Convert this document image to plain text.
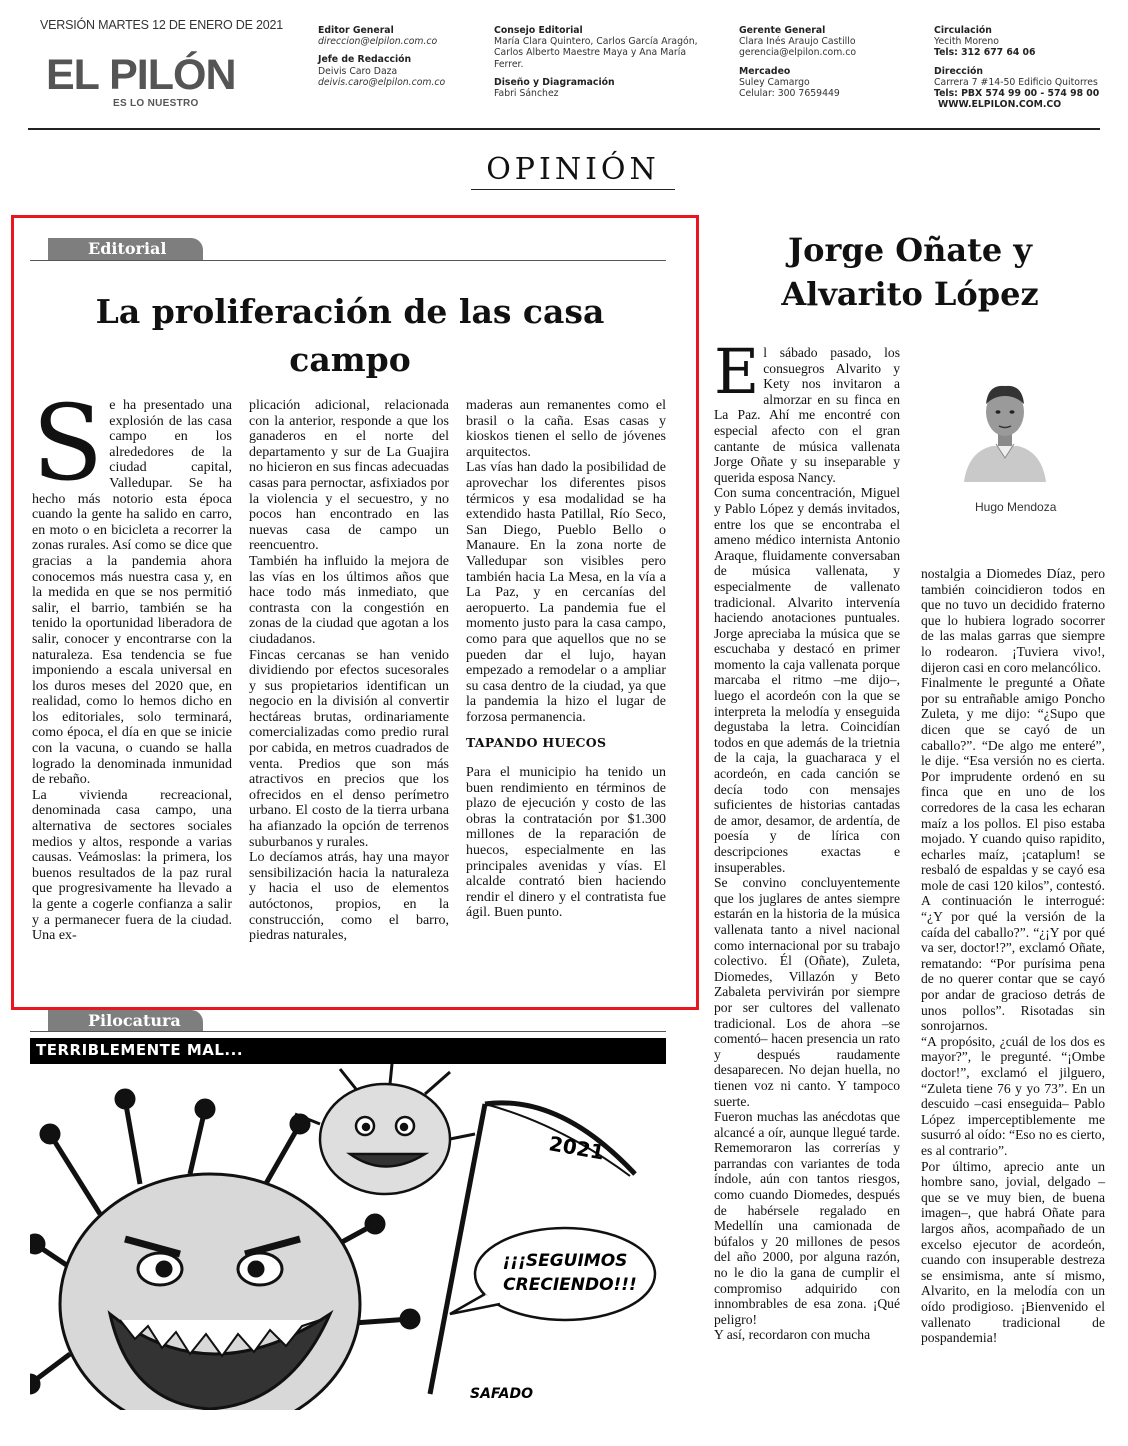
VERSIÓN MARTES 12 DE ENERO DE 2021
EL PILÓN
ES LO NUESTRO
Editor General
direccion@elpilon.com.co
Jefe de Redacción
Deivis Caro Daza
deivis.caro@elpilon.com.co
Consejo Editorial
María Clara Quintero, Carlos García Aragón,
Carlos Alberto Maestre Maya y Ana María
Ferrer.
Diseño y Diagramación
Fabri Sánchez
Gerente General
Clara Inés Araujo Castillo
gerencia@elpilon.com.co
Mercadeo
Suley Camargo
Celular: 300 7659449
Circulación
Yecith Moreno
Tels: 312 677 64 06
Dirección
Carrera 7 #14-50 Edificio Quitorres
Tels: PBX 574 99 00 - 574 98 00
WWW.ELPILON.COM.CO
OPINIÓN
Editorial
La proliferación de las casa campo

Se ha presentado una explosión de las casa campo en los alrededores de la ciudad capital, Valledupar. Se ha hecho más notorio esta época cuando la gente ha salido en carro, en moto o en bicicleta a recorrer la zonas rurales. Así como se dice que gracias a la pandemia ahora conocemos más nuestra casa y, en la medida en que se nos permitió salir, el barrio, también se ha tenido la oportunidad liberadora de salir, conocer y encontrarse con la naturaleza. Esa tendencia se fue imponiendo a escala universal en los duros meses del 2020 que, en realidad, como lo hemos dicho en los editoriales, solo terminará, como época, el día en que se inicie con la vacuna, o cuando se halla logrado la denominada inmunidad de rebaño.

La vivienda recreacional, denominada casa campo, una alternativa de sectores sociales medios y altos, responde a varias causas. Veámoslas: la primera, los buenos resultados de la paz rural que progresivamente ha llevado a la gente a cogerle confianza a salir y a permanecer fuera de la ciudad. Una ex-

plicación adicional, relacionada con la anterior, responde a que los ganaderos en el norte del departamento y sur de La Guajira no hicieron en sus fincas adecuadas casas para pernoctar, asfixiados por la violencia y el secuestro, y no pocos han encontrado en las nuevas casa de campo un reencuentro.

También ha influido la mejora de las vías en los últimos años que hace todo más inmediato, que contrasta con la congestión en zonas de la ciudad que agotan a los ciudadanos.

Fincas cercanas se han venido dividiendo por efectos sucesorales y sus propietarios identifican un negocio en la división al convertir hectáreas brutas, ordinariamente comercializadas como predio rural por cabida, en metros cuadrados de venta. Predios que son más atractivos en precios que los ofrecidos en el denso perímetro urbano. El costo de la tierra urbana ha afianzado la opción de terrenos suburbanos y rurales.

Lo decíamos atrás, hay una mayor sensibilización hacia la naturaleza y hacia el uso de elementos autóctonos, propios, en la construcción, como el barro, piedras naturales,

maderas aun remanentes como el brasil o la caña. Esas casas y kioskos tienen el sello de jóvenes arquitectos.

Las vías han dado la posibilidad de aprovechar los diferentes pisos térmicos y esa modalidad se ha extendido hasta Patillal, Río Seco, San Diego, Pueblo Bello o Manaure. En la zona norte de Valledupar son visibles pero también hacia La Mesa, en la vía a La Paz, y en cercanías del aeropuerto. La pandemia fue el momento justo para la casa campo, como para que aquellos que no se pueden dar el lujo, hayan empezado a remodelar o a ampliar su casa dentro de la ciudad, ya que la pandemia la hizo el lugar de forzosa permanencia.

TAPANDO HUECOS

Para el municipio ha tenido un buen rendimiento en términos de plazo de ejecución y costo de las obras la contratación por $1.300 millones de la reparación de huecos, especialmente en las principales avenidas y vías. El alcalde contrató bien haciendo rendir el dinero y el contratista fue ágil. Buen punto.

Pilocatura
TERRIBLEMENTE MAL...
2021
¡¡¡SEGUIMOS
CRECIENDO!!!
SAFADO
Jorge Oñate y Alvarito López
Hugo Mendoza

El sábado pasado, los consuegros Alvarito y Kety nos invitaron a almorzar en su finca en La Paz. Ahí me encontré con especial afecto con el gran cantante de música vallenata Jorge Oñate y su inseparable y querida esposa Nancy.

Con suma concentración, Miguel y Pablo López y demás invitados, entre los que se encontraba el ameno médico internista Antonio Araque, fluidamente conversaban de música vallenata, y especialmente de vallenato tradicional. Alvarito intervenía haciendo anotaciones puntuales. Jorge apreciaba la música que se escuchaba y destacó en primer momento la caja vallenata porque marcaba el ritmo –me dijo–, luego el acordeón con la que se interpreta la melodía y enseguida degustaba la letra. Coincidían todos en que además de la trietnia de la caja, la guacharaca y el acordeón, en cada canción se decía todo con mensajes suficientes de historias cantadas de amor, desamor, de ardentía, de poesía y de lírica con descripciones exactas e insuperables.

Se convino concluyentemente que los juglares de antes siempre estarán en la historia de la música vallenata tanto a nivel nacional como internacional por su trabajo colectivo. Él (Oñate), Zuleta, Diomedes, Villazón y Beto Zabaleta pervivirán por siempre por ser cultores del vallenato tradicional. Los de ahora –se comentó– hacen presencia un rato y después raudamente desaparecen. No dejan huella, no tienen voz ni canto. Y tampoco suerte.

Fueron muchas las anécdotas que alcancé a oír, aunque llegué tarde. Rememoraron las correrías y parrandas con variantes de toda índole, aún con tantos riesgos, como cuando Diomedes, después de habérsele regalado en Medellín una camionada de búfalos y 20 millones de pesos del año 2000, por alguna razón, no le dio la gana de cumplir el compromiso adquirido con innombrables de esa zona. ¡Qué peligro!

Y así, recordaron con mucha

nostalgia a Diomedes Díaz, pero también coincidieron todos en que no tuvo un decidido fraterno que lo hubiera logrado socorrer de las malas garras que siempre lo rodearon. ¡Tuviera vivo!, dijeron casi en coro melancólico.

Finalmente le pregunté a Oñate por su entrañable amigo Poncho Zuleta, y me dijo: “¿Supo que dicen que se cayó de un caballo?”. “De algo me enteré”, le dije. “Esa versión no es cierta. Por imprudente ordenó en su finca que en uno de los corredores de la casa les echaran maíz a los pollos. El piso estaba mojado. Y cuando quiso rapidito, echarles maíz, ¡cataplum! se resbaló de espaldas y se cayó esa mole de casi 120 kilos”, contestó. A continuación le interrogué: “¿Y por qué la versión de la caída del caballo?”. “¿¡Y por qué va ser, doctor!?”, exclamó Oñate, rematando: “Por purísima pena de no querer contar que se cayó por andar de gracioso detrás de unos pollos”. Risotadas sin sonrojarnos.

“A propósito, ¿cuál de los dos es mayor?”, le pregunté. “¡Ombe doctor!”, exclamó el jilguero, “Zuleta tiene 76 y yo 73”. En un descuido –casi enseguida– Pablo López imperceptiblemente me susurró al oído: “Eso no es cierto, es al contrario”.

Por último, aprecio ante un hombre sano, jovial, delgado –que se ve muy bien, de buena imagen–, que habrá Oñate para largos años, acompañado de un excelso ejecutor de acordeón, cuando con insuperable destreza se ensimisma, ante sí mismo, Alvarito, en la melodía con un oído prodigioso. ¡Bienvenido el vallenato tradicional de pospandemia!
